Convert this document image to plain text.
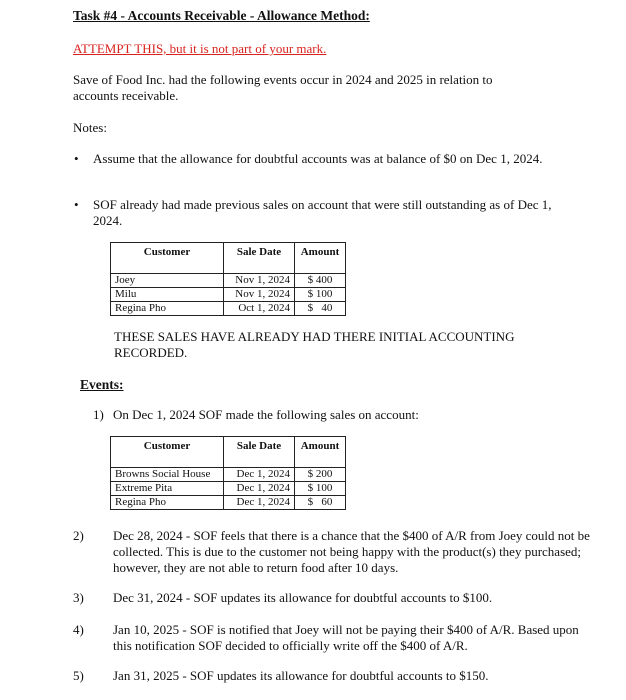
Task #4 - Accounts Receivable - Allowance Method:
ATTEMPT THIS, but it is not part of your mark.
Save of Food Inc. had the following events occur in 2024 and 2025 in relation to accounts receivable.
Notes:
• Assume that the allowance for doubtful accounts was at balance of $0 on Dec 1, 2024.
• SOF already had made previous sales on account that were still outstanding as of Dec 1, 2024.
Customer	Sale Date	Amount

Joey	Nov 1, 2024	$ 400
Milu	Nov 1, 2024	$ 100
Regina Pho	Oct 1, 2024	$   40
THESE SALES HAVE ALREADY HAD THERE INITIAL ACCOUNTING RECORDED.
Events:
1) On Dec 1, 2024 SOF made the following sales on account:
Customer	Sale Date	Amount

Browns Social House	Dec 1, 2024	$ 200
Extreme Pita	Dec 1, 2024	$ 100
Regina Pho	Dec 1, 2024	$   60
2) Dec 28, 2024 - SOF feels that there is a chance that the $400 of A/R from Joey could not be collected. This is due to the customer not being happy with the product(s) they purchased; however, they are not able to return food after 10 days.
3) Dec 31, 2024 - SOF updates its allowance for doubtful accounts to $100.
4) Jan 10, 2025 - SOF is notified that Joey will not be paying their $400 of A/R. Based upon this notification SOF decided to officially write off the $400 of A/R.
5) Jan 31, 2025 - SOF updates its allowance for doubtful accounts to $150.
